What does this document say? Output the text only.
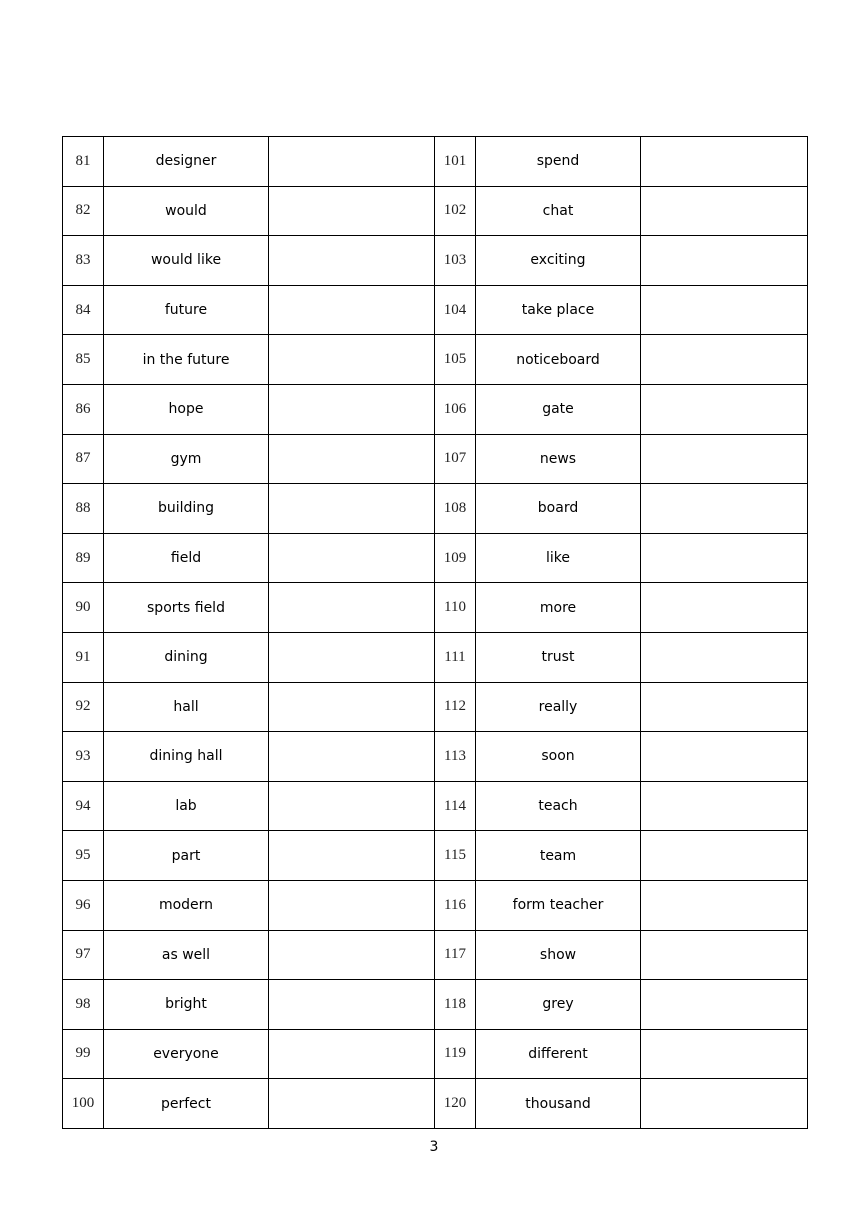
81	designer		101	spend	
82	would		102	chat	
83	would like		103	exciting	
84	future		104	take place	
85	in the future		105	noticeboard	
86	hope		106	gate	
87	gym		107	news	
88	building		108	board	
89	field		109	like	
90	sports field		110	more	
91	dining		111	trust	
92	hall		112	really	
93	dining hall		113	soon	
94	lab		114	teach	
95	part		115	team	
96	modern		116	form teacher	
97	as well		117	show	
98	bright		118	grey	
99	everyone		119	different	
100	perfect		120	thousand	
3
